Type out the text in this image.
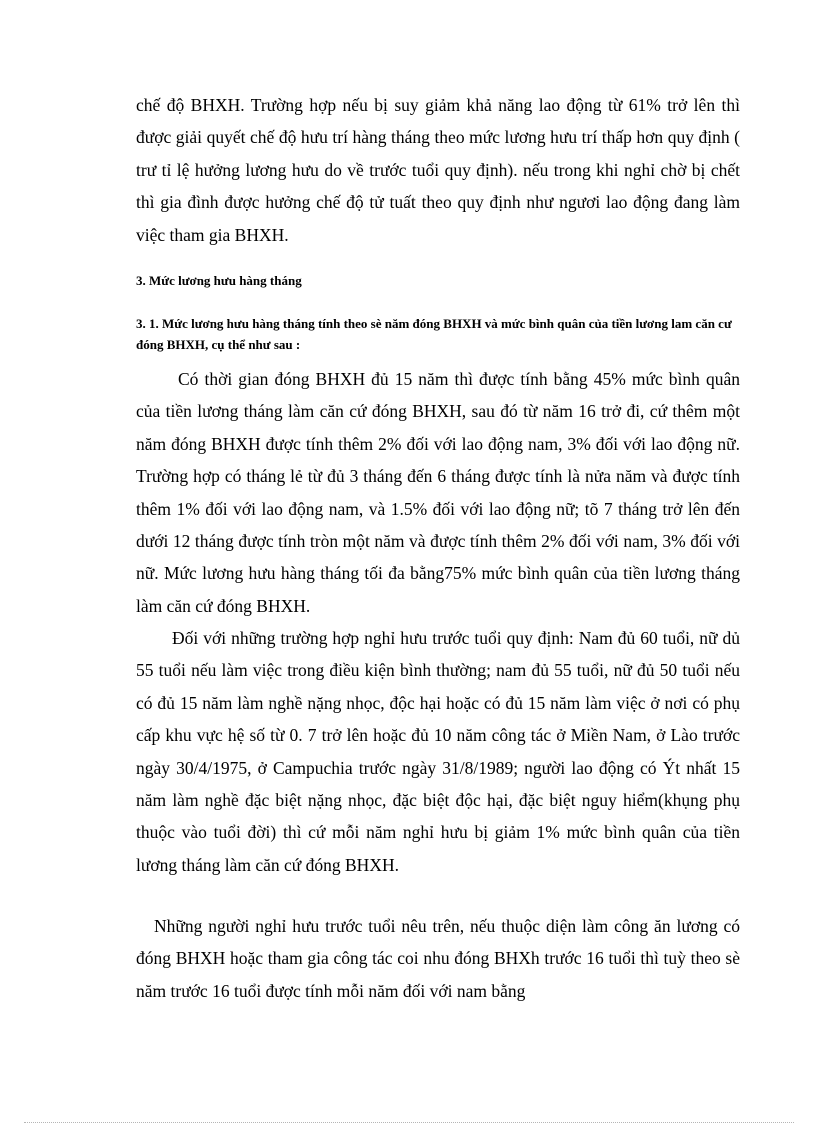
chế độ BHXH. Trường hợp nếu bị suy giảm khả năng lao động từ 61% trở lên thì được giải quyết chế độ hưu trí hàng tháng theo mức lương hưu trí thấp hơn quy định ( trư tỉ lệ hưởng lương hưu do về trước tuổi quy định). nếu trong khi nghỉ chờ bị chết thì gia đình được hưởng chế độ tử tuất theo quy định như ngươi lao động đang làm việc tham gia BHXH.

3. Mức lương hưu hàng tháng

3. 1. Mức lương hưu hàng tháng tính theo sè năm đóng BHXH và mức bình quân của tiền lương lam căn cư đóng BHXH, cụ thể như sau :

Có thời gian đóng BHXH đủ 15 năm thì được tính bằng 45% mức bình quân của tiền lương tháng làm căn cứ đóng BHXH, sau đó từ năm 16 trở đi, cứ thêm một năm đóng BHXH được tính thêm 2% đối với lao động nam, 3% đối với lao động nữ. Trường hợp có tháng lẻ từ đủ 3 tháng đến 6 tháng được tính là nửa năm và được tính thêm 1% đối với lao động nam, và 1.5% đối với lao động nữ; tõ 7 tháng trở lên đến dưới 12 tháng được tính tròn một năm và được tính thêm 2% đối với nam, 3% đối với nữ. Mức lương hưu hàng tháng tối đa bằng75% mức bình quân của tiền lương tháng làm căn cứ đóng BHXH.

Đối với những trường hợp nghỉ hưu trước tuổi quy định: Nam đủ 60 tuổi, nữ dủ 55 tuổi nếu làm việc trong điều kiện bình thường; nam đủ 55 tuổi, nữ đủ 50 tuổi nếu có đủ 15 năm làm nghề nặng nhọc, độc hại hoặc có đủ 15 năm làm việc ở nơi có phụ cấp khu vực hệ số từ 0. 7 trở lên hoặc đủ 10 năm công tác ở Miền Nam, ở Lào trước ngày 30/4/1975, ở Campuchia trước ngày 31/8/1989; người lao động có Ýt nhất 15 năm làm nghề đặc biệt nặng nhọc, đặc biệt độc hại, đặc biệt nguy hiểm(khụng phụ thuộc vào tuổi đời) thì cứ mỗi năm nghỉ hưu bị giảm 1% mức bình quân của tiền lương tháng làm căn cứ đóng BHXH.

Những người nghỉ hưu trước tuổi nêu trên, nếu thuộc diện làm công ăn lương có đóng BHXH hoặc tham gia công tác coi nhu đóng BHXh trước 16 tuổi thì tuỳ theo sè năm trước 16 tuổi được tính mỗi năm đối với nam bằng
